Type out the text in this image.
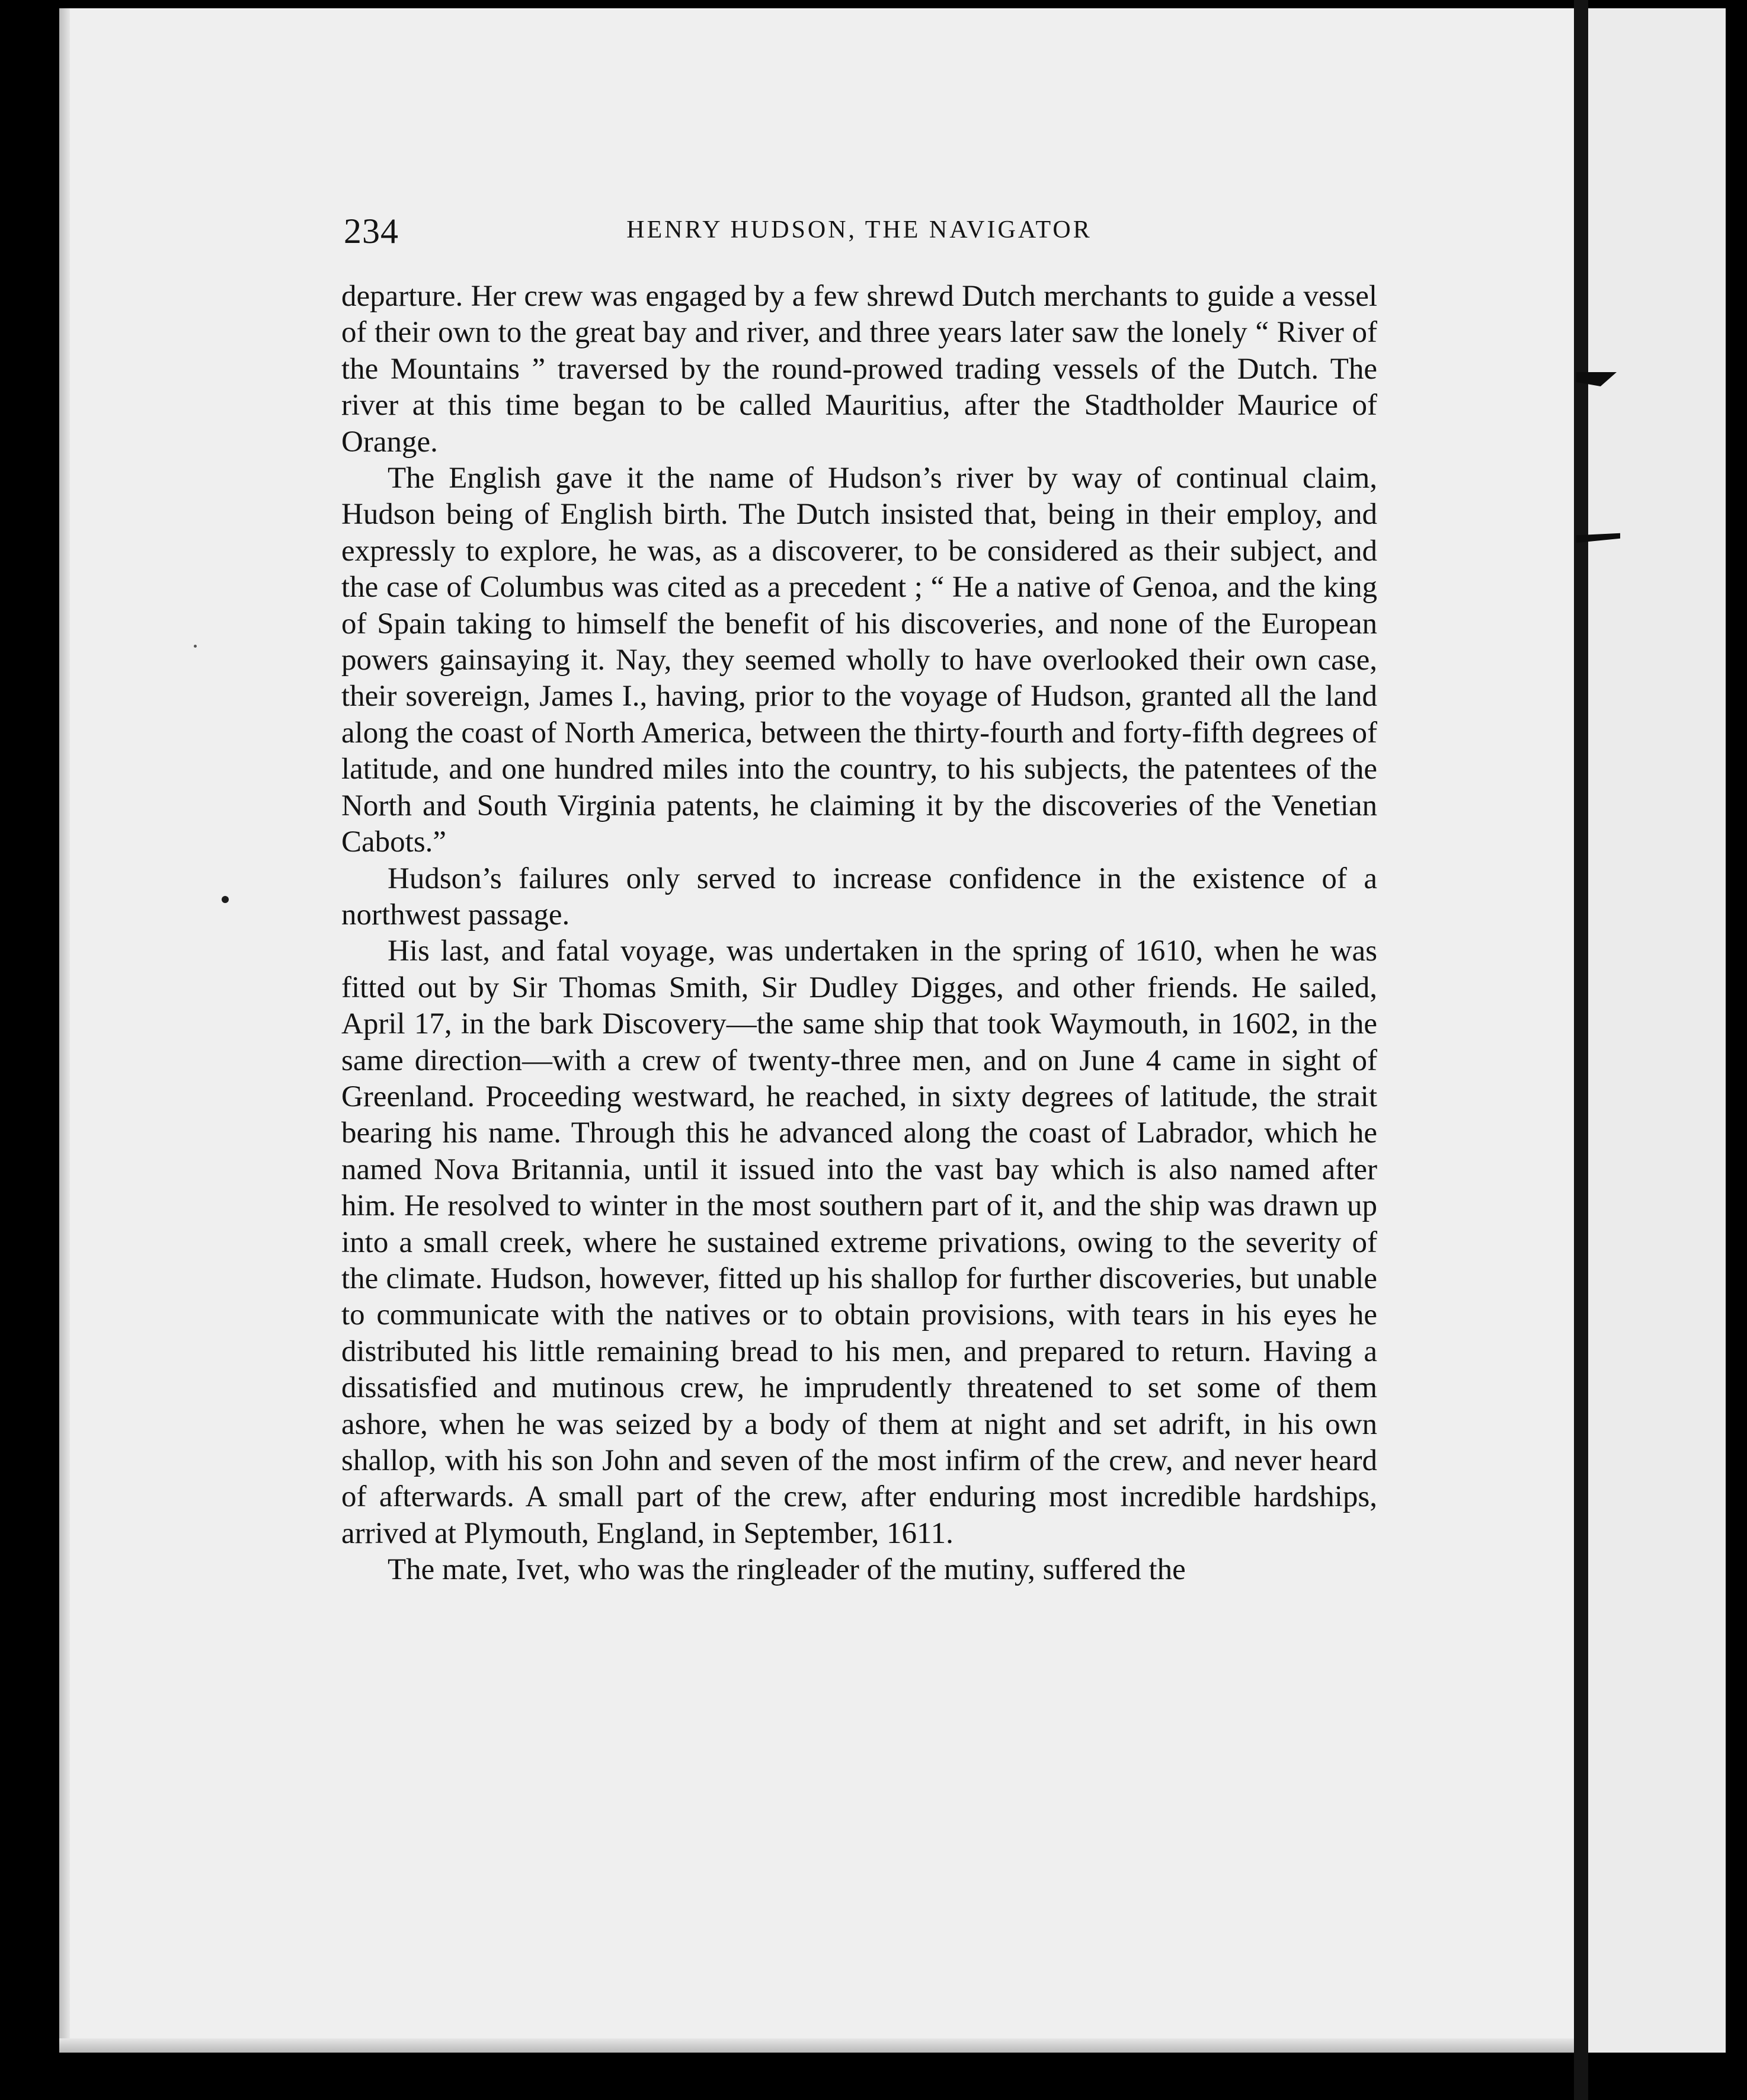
234	HENRY HUDSON, THE NAVIGATOR

departure. Her crew was engaged by a few shrewd Dutch merchants to guide a vessel of their own to the great bay and river, and three years later saw the lonely “ River of the Mountains ” traversed by the round-prowed trading vessels of the Dutch. The river at this time began to be called Mauritius, after the Stadtholder Maurice of Orange.

The English gave it the name of Hudson’s river by way of continual claim, Hudson being of English birth. The Dutch insisted that, being in their employ, and expressly to explore, he was, as a discoverer, to be considered as their subject, and the case of Columbus was cited as a precedent ; “ He a native of Genoa, and the king of Spain taking to himself the benefit of his discoveries, and none of the European powers gainsaying it. Nay, they seemed wholly to have overlooked their own case, their sovereign, James I., having, prior to the voyage of Hudson, granted all the land along the coast of North America, between the thirty-fourth and forty-fifth degrees of latitude, and one hundred miles into the country, to his subjects, the patentees of the North and South Virginia patents, he claiming it by the discoveries of the Venetian Cabots.”

Hudson’s failures only served to increase confidence in the existence of a northwest passage.

His last, and fatal voyage, was undertaken in the spring of 1610, when he was fitted out by Sir Thomas Smith, Sir Dudley Digges, and other friends. He sailed, April 17, in the bark Discovery—the same ship that took Waymouth, in 1602, in the same direction—with a crew of twenty-three men, and on June 4 came in sight of Greenland. Proceeding westward, he reached, in sixty degrees of latitude, the strait bearing his name. Through this he advanced along the coast of Labrador, which he named Nova Britannia, until it issued into the vast bay which is also named after him. He resolved to winter in the most southern part of it, and the ship was drawn up into a small creek, where he sustained extreme privations, owing to the severity of the climate. Hudson, however, fitted up his shallop for further discoveries, but unable to communicate with the natives or to obtain provisions, with tears in his eyes he distributed his little remaining bread to his men, and prepared to return. Having a dissatisfied and mutinous crew, he imprudently threatened to set some of them ashore, when he was seized by a body of them at night and set adrift, in his own shallop, with his son John and seven of the most infirm of the crew, and never heard of afterwards. A small part of the crew, after enduring most incredible hardships, arrived at Plymouth, England, in September, 1611.

The mate, Ivet, who was the ringleader of the mutiny, suffered the
